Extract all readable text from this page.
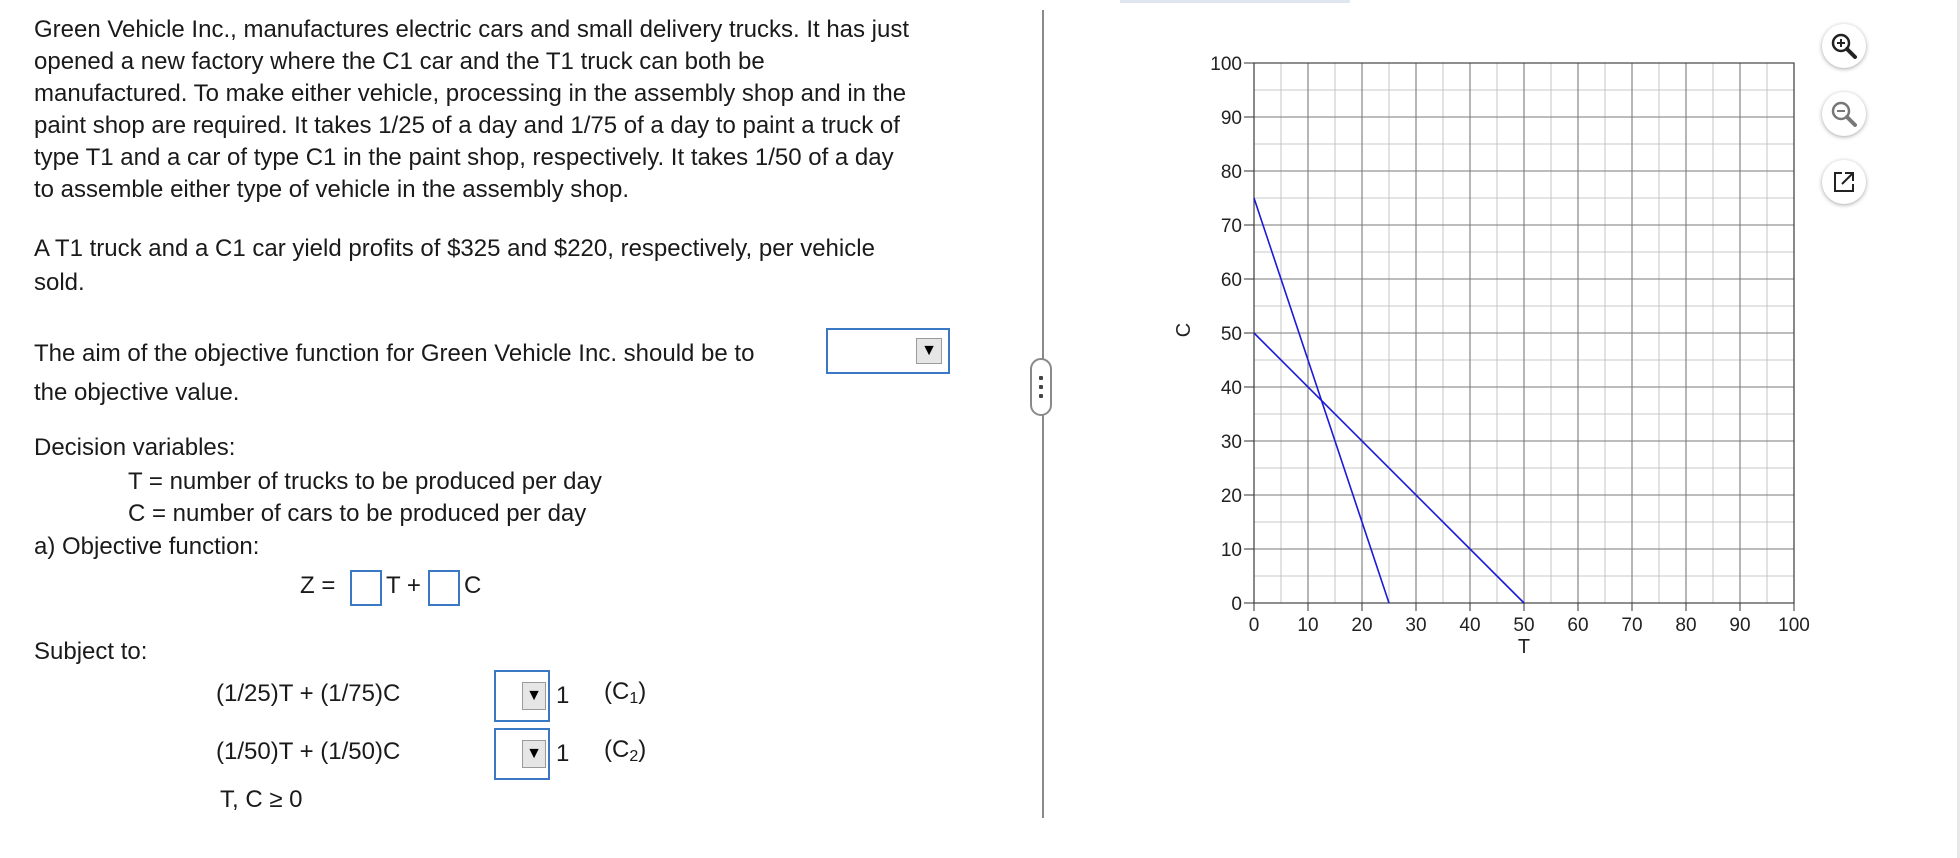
Green Vehicle Inc., manufactures electric cars and small delivery trucks. It has just

opened a new factory where the C1 car and the T1 truck can both be

manufactured. To make either vehicle, processing in the assembly shop and in the

paint shop are required. It takes 1/25 of a day and 1/75 of a day to paint a truck of

type T1 and a car of type C1 in the paint shop, respectively. It takes 1/50 of a day

to assemble either type of vehicle in the assembly shop.

A T1 truck and a C1 car yield profits of $325 and $220, respectively, per vehicle

sold.

The aim of the objective function for Green Vehicle Inc. should be to	▼
the objective value.
Decision variables:
T = number of trucks to be produced per day
C = number of cars to be produced per day
a) Objective function:
Z = T + C
Subject to:
(1/25)T + (1/75)C	▼ 1 $(C_1)$
(1/50)T + (1/50)C	▼ 1 $(C_2)$
T, C ≥ 0
0 10 20 30 40 50 60 70 80 90 100
0
10
20
30
40
50
60
70
80
90
100
T
C
